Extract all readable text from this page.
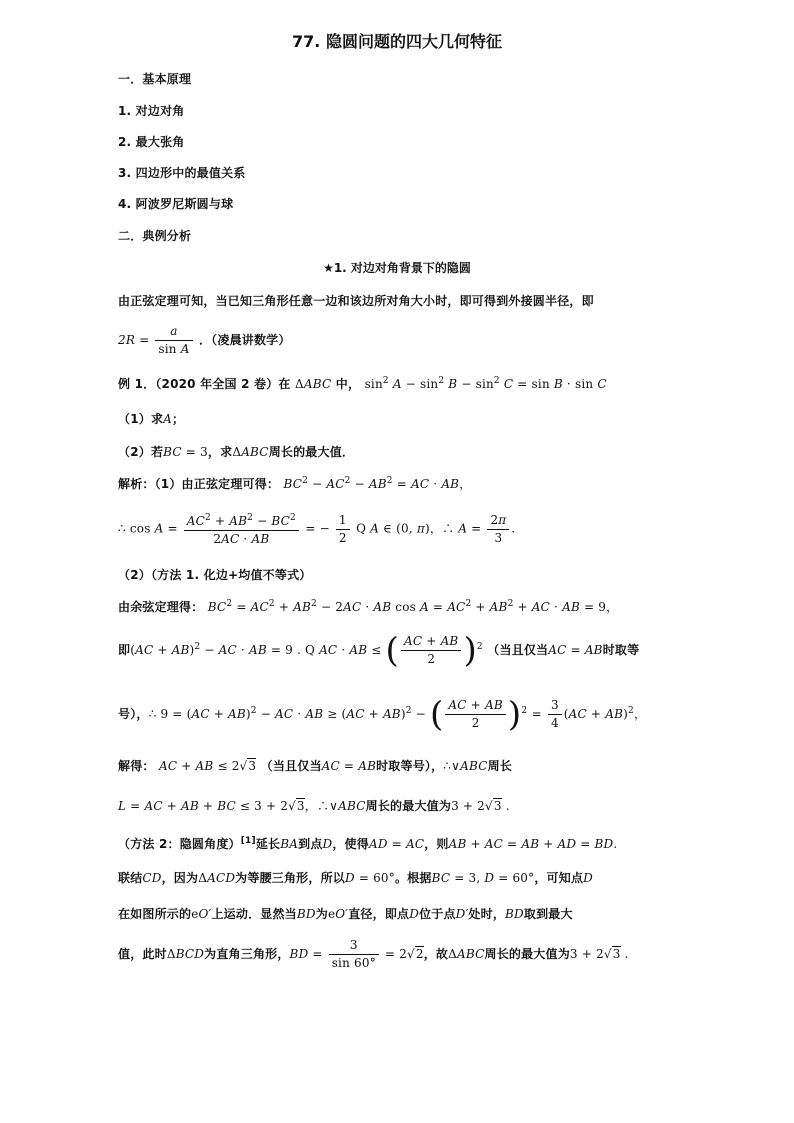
77. 隐圆问题的四大几何特征
一．基本原理
1. 对边对角
2. 最大张角
3. 四边形中的最值关系
4. 阿波罗尼斯圆与球
二．典例分析
★1. 对边对角背景下的隐圆
由正弦定理可知，当已知三角形任意一边和该边所对角大小时，即可得到外接圆半径，即
$2R = \frac{a}{\text{sin A}}$ ．（凌晨讲数学）
例 1．（2020 年全国 2 卷）在 ΔABC 中， $\sin^2 A - \sin^2 B - \sin^2 C = \sin B \cdot \sin C$
（1）求A；
（2）若BC = 3，求ΔABC周长的最大值．
解析：（1）由正弦定理可得： $BC^2 - AC^2 - AB^2$ = AC · AB，
∴ $\cos A = \frac{AC^2 + AB^2 - BC^2}{2AC \cdot AB}$ = − $\frac{1}{2}$ Q A ∈ (0, π)，∴ $A = \frac{2\pi}{3}$ .
（2）（方法 1. 化边+均值不等式）
由余弦定理得： $BC^2 = AC^2 + AB^2 - 2AC$ · AB $\cos A = AC^2 + AB^2$ + AC · AB = 9，
即(AC + AB)$^2$ − AC · AB = 9 . Q AC · AB ≤ ( $\frac{AC + AB}{2} )^2$ （当且仅当AC = AB时取等
号），∴ 9 = (AC + AB)$^2$ − AC · AB ≥ (AC + AB)$^2$ − ( $\frac{AC + AB}{2} )^2 = \frac{3}{4} (AC + AB)^2$，
解得： AC + AB ≤ 2√3 （当且仅当AC = AB时取等号），∴∨ABC周长
L = AC + AB + BC ≤ 3 + 2√3，∴∨ABC周长的最大值为3 + 2√3 .
（方法 2：隐圆角度）[1]延长BA到点D，使得AD = AC，则AB + AC = AB + AD = BD.
联结CD，因为ΔACD为等腰三角形，所以D = 60°。根据BC = 3, D = 60°，可知点D
在如图所示的eO′上运动．显然当BD为eO′直径，即点D位于点D′处时，BD取到最大
值，此时ΔBCD为直角三角形，BD = $\frac{3}{\sin 60^\circ} = 2√2$，故ΔABC周长的最大值为3 + 2√3 .
